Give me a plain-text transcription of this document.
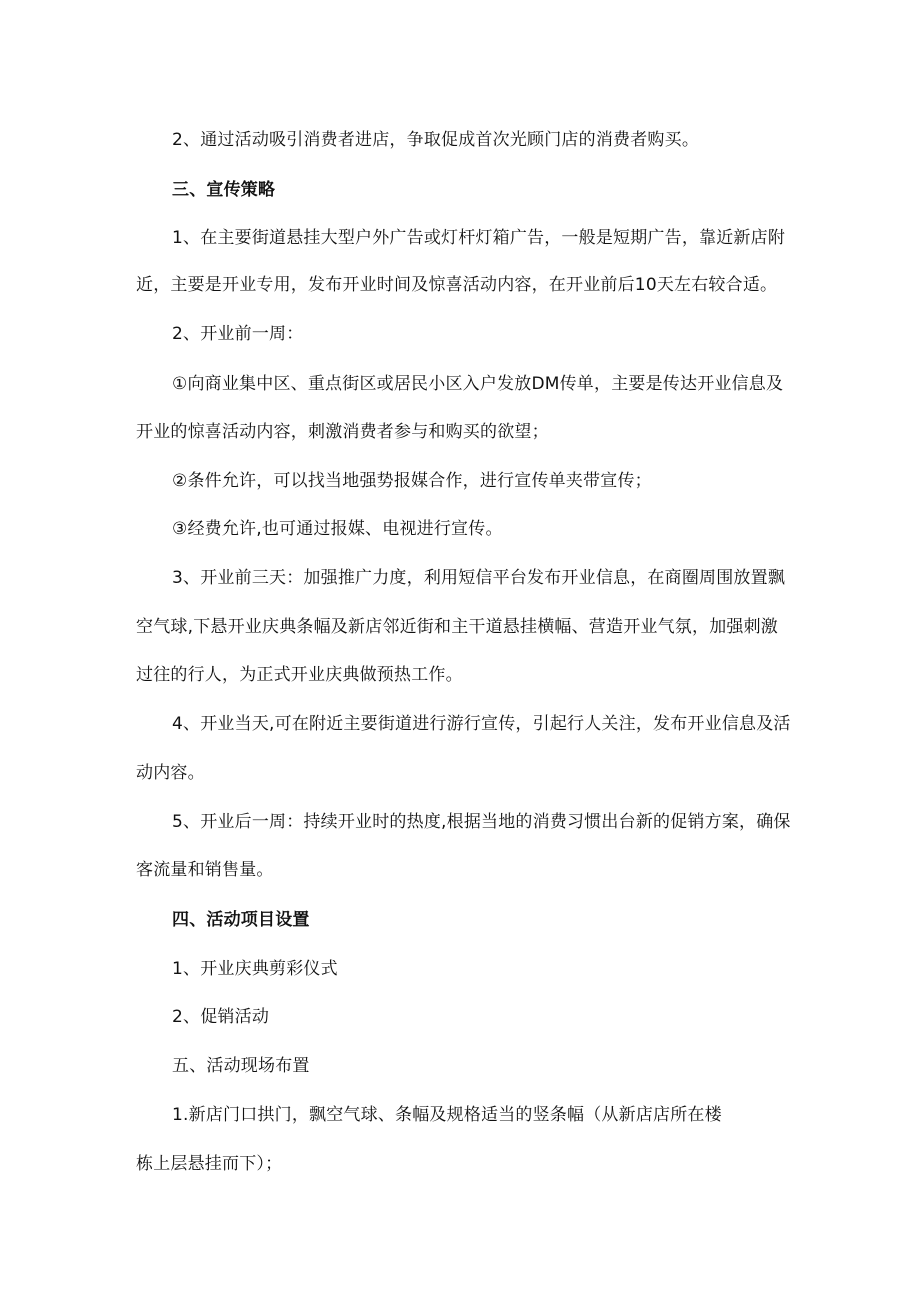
2、通过活动吸引消费者进店，争取促成首次光顾门店的消费者购买。
三、宣传策略
1、在主要街道悬挂大型户外广告或灯杆灯箱广告，一般是短期广告，靠近新店附
近，主要是开业专用，发布开业时间及惊喜活动内容，在开业前后10天左右较合适。
2、开业前一周：
①向商业集中区、重点街区或居民小区入户发放DM传单，主要是传达开业信息及
开业的惊喜活动内容，刺激消费者参与和购买的欲望；
②条件允许，可以找当地强势报媒合作，进行宣传单夹带宣传；
③经费允许,也可通过报媒、电视进行宣传。
3、开业前三天：加强推广力度，利用短信平台发布开业信息，在商圈周围放置飘
空气球,下悬开业庆典条幅及新店邻近街和主干道悬挂横幅、营造开业气氛，加强刺激
过往的行人，为正式开业庆典做预热工作。
4、开业当天,可在附近主要街道进行游行宣传，引起行人关注，发布开业信息及活
动内容。
5、开业后一周：持续开业时的热度,根据当地的消费习惯出台新的促销方案，确保
客流量和销售量。
四、活动项目设置
1、开业庆典剪彩仪式
2、促销活动
五、活动现场布置
1.新店门口拱门，飘空气球、条幅及规格适当的竖条幅（从新店店所在楼
栋上层悬挂而下）；
